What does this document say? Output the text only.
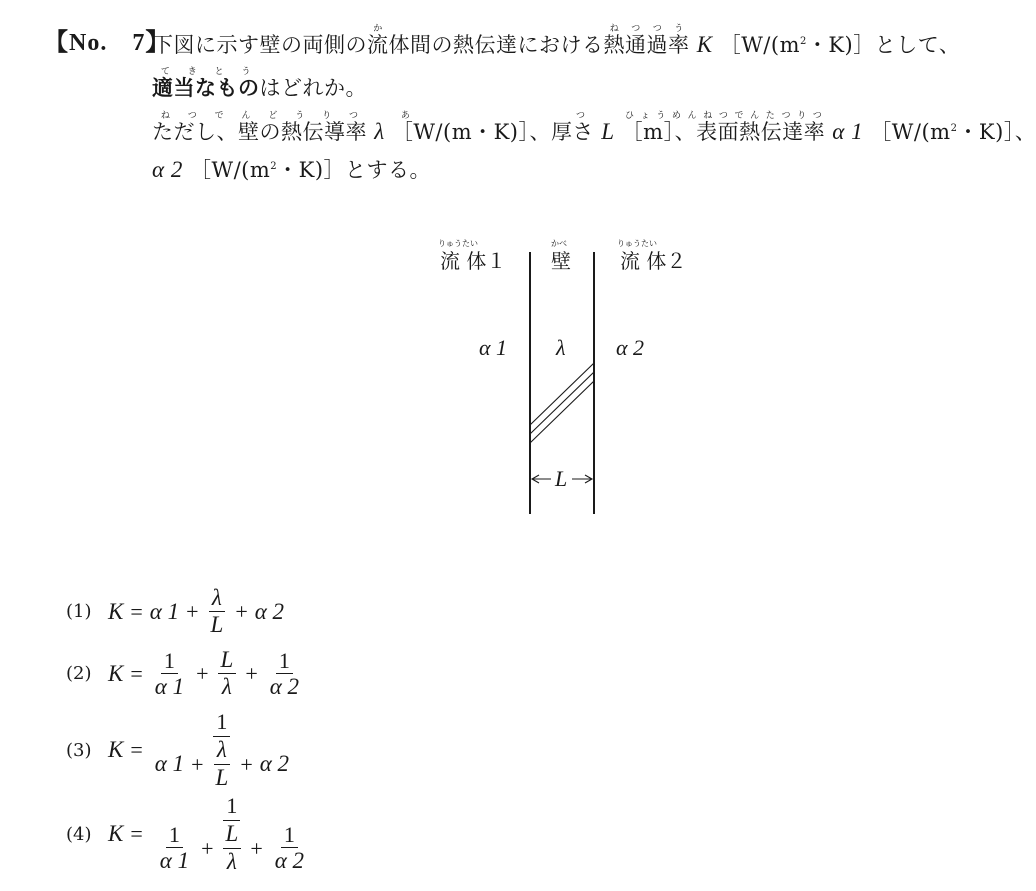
【No.　7】
下図に示す壁の両側の流体間の熱伝達におけるか熱通過率ねつつう K $[W/(m^2$・K)］として、
適当なものてきとうはどれか。
ただし、壁の熱伝導率ねつでんどうりつ λ ［W/(m・K)］、厚さあつ L ［m］、表面熱伝達率ひょうめんねつでんたつりつ α 1 $[W/(m^2$・K)］、
α 2 $[W/(m^2$・K)］とする。
りゅうたい
流 体１
かべ
壁
りゅうたい
流 体２
α 1 λ α 2
L
(1) K = α $1 + \frac{\lambda}{L} + \alpha$ 2
(2) $K = \frac{1}{\alpha 1} + \frac{L}{\lambda} + \frac{1}{\alpha 2}$
(3) K =
1
α $1 + \frac{\lambda}{L} + \alpha$ 2
(4) K =
1
$\frac{1}{\alpha 1} + \frac{L}{\lambda} + \frac{1}{\alpha 2}$
